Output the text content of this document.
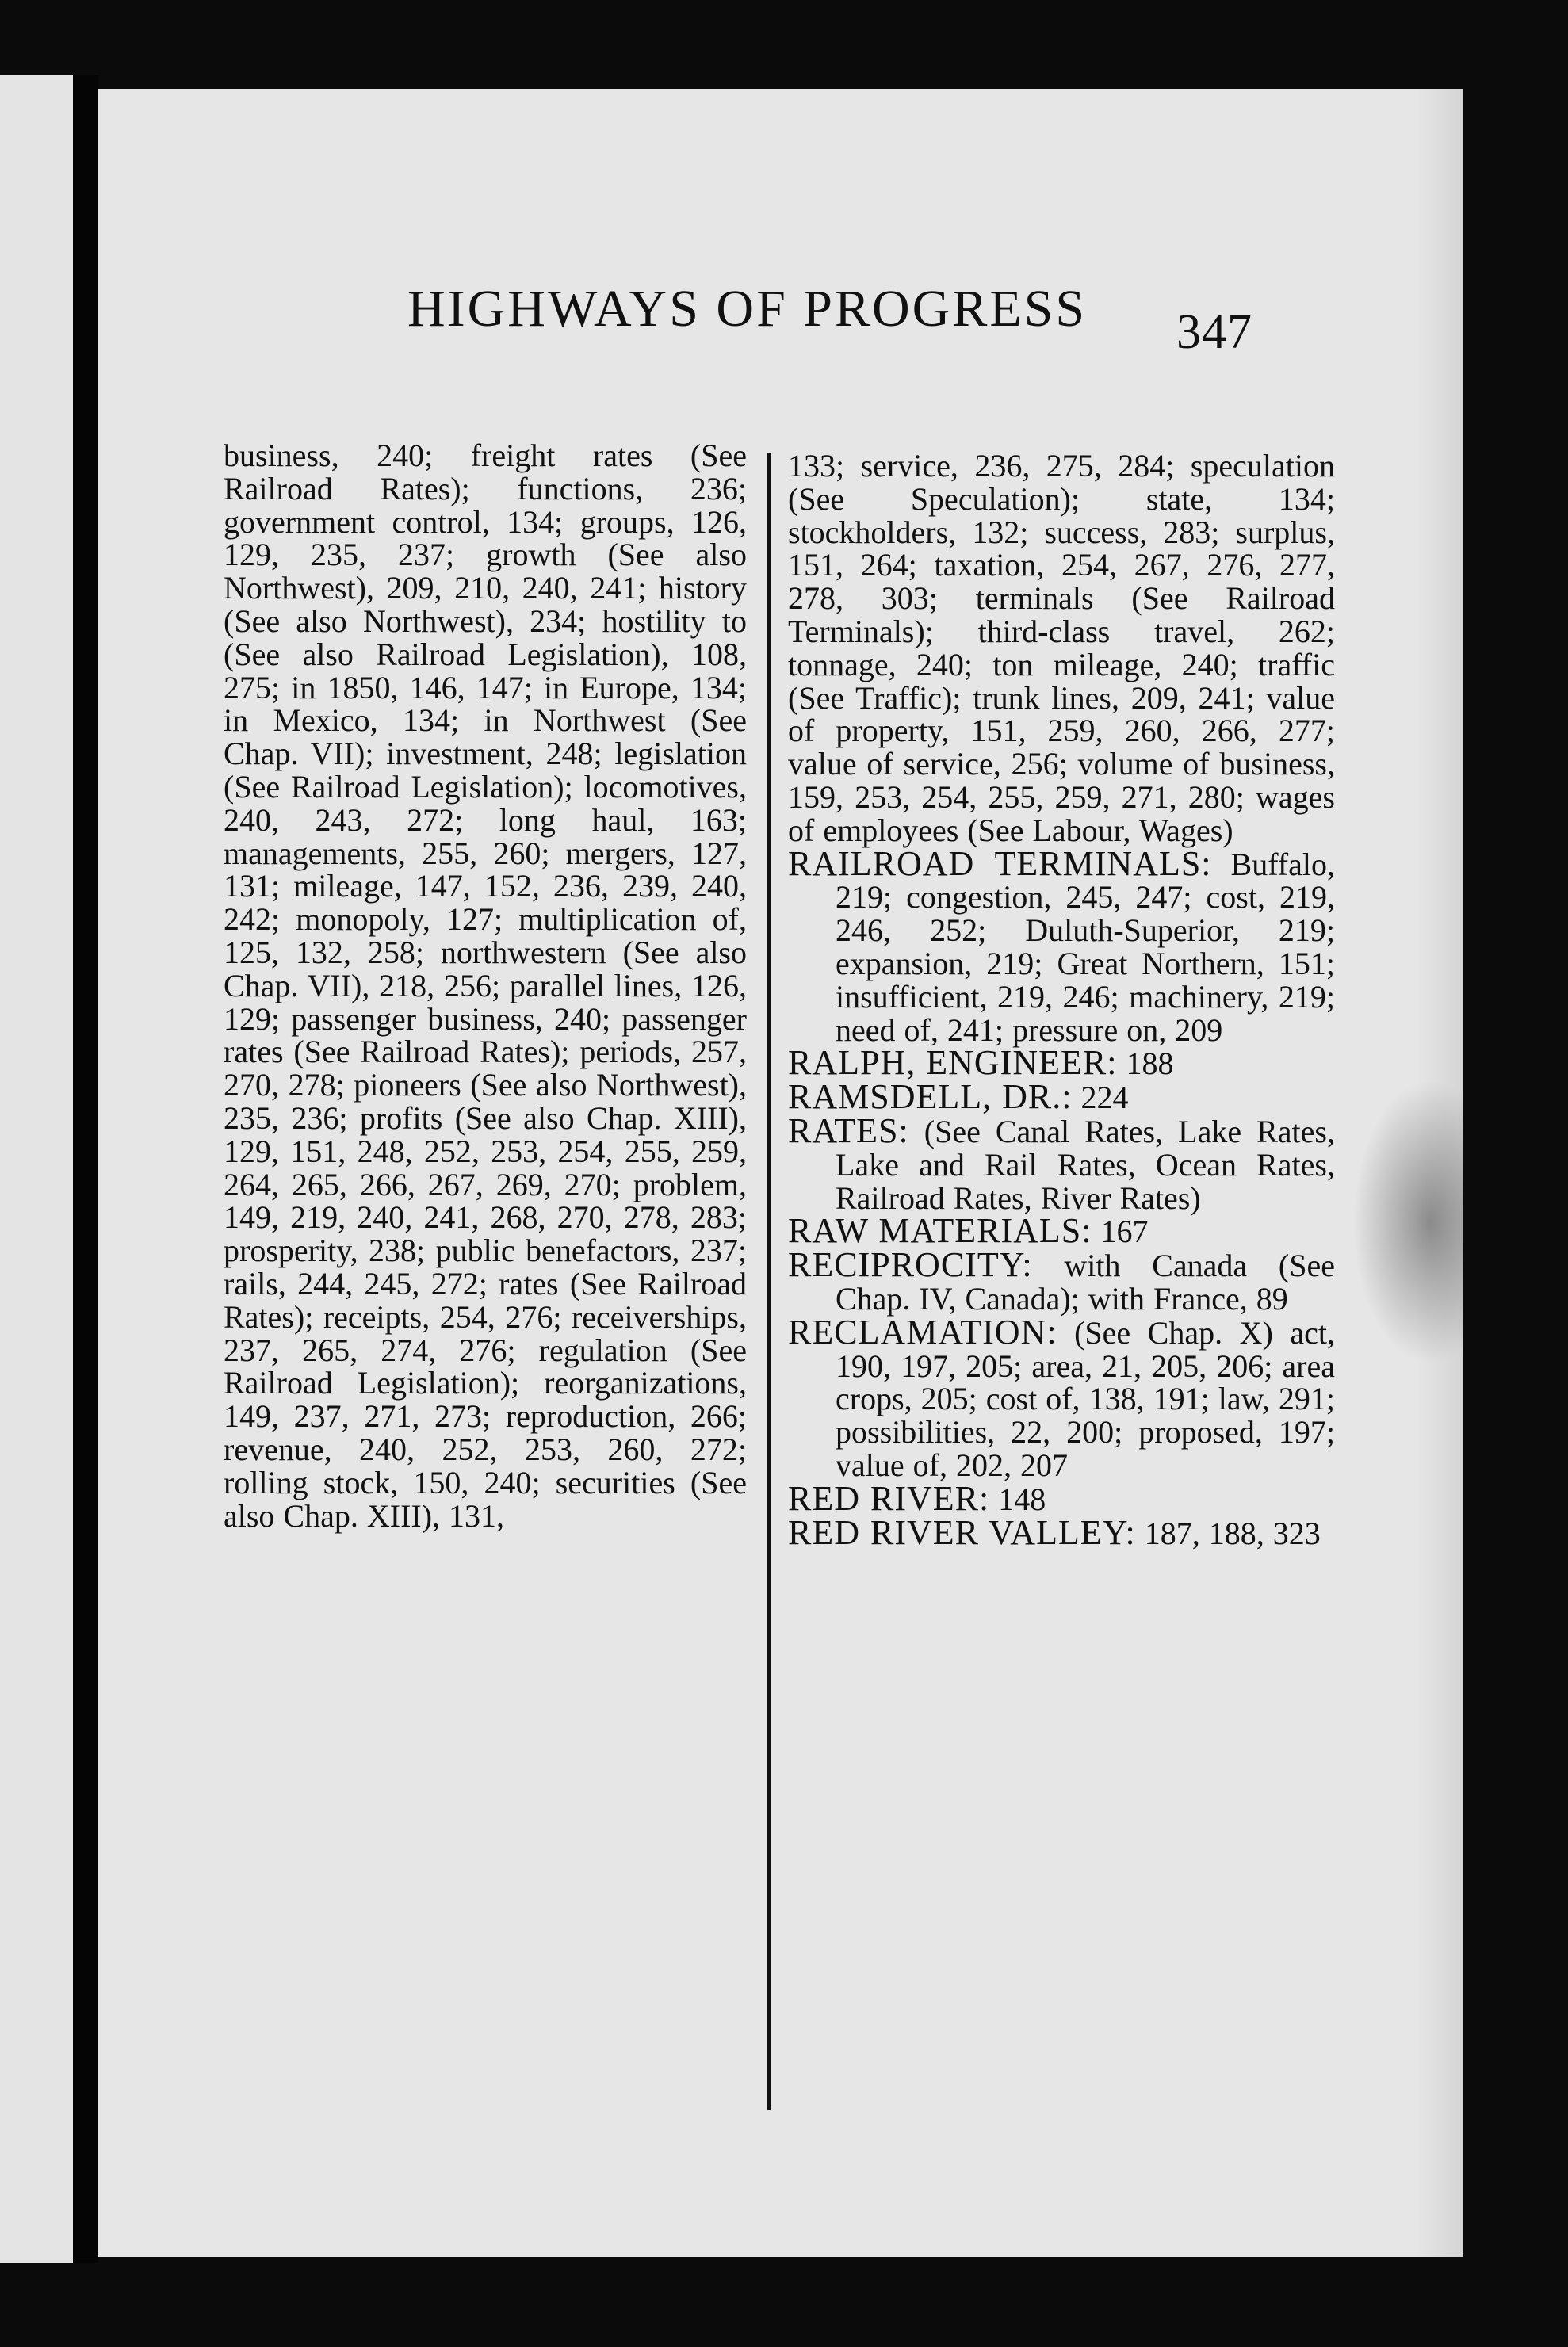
HIGHWAYS OF PROGRESS	347

business, 240; freight rates (See Railroad Rates); functions, 236; government control, 134; groups, 126, 129, 235, 237; growth (See also Northwest), 209, 210, 240, 241; history (See also Northwest), 234; hostility to (See also Railroad Legislation), 108, 275; in 1850, 146, 147; in Europe, 134; in Mexico, 134; in Northwest (See Chap. VII); investment, 248; legislation (See Railroad Legislation); locomotives, 240, 243, 272; long haul, 163; managements, 255, 260; mergers, 127, 131; mileage, 147, 152, 236, 239, 240, 242; monopoly, 127; multiplication of, 125, 132, 258; northwestern (See also Chap. VII), 218, 256; parallel lines, 126, 129; passenger business, 240; passenger rates (See Railroad Rates); periods, 257, 270, 278; pioneers (See also Northwest), 235, 236; profits (See also Chap. XIII), 129, 151, 248, 252, 253, 254, 255, 259, 264, 265, 266, 267, 269, 270; problem, 149, 219, 240, 241, 268, 270, 278, 283; prosperity, 238; public benefactors, 237; rails, 244, 245, 272; rates (See Railroad Rates); receipts, 254, 276; receiverships, 237, 265, 274, 276; regulation (See Railroad Legislation); reorganizations, 149, 237, 271, 273; reproduction, 266; revenue, 240, 252, 253, 260, 272; rolling stock, 150, 240; securities (See also Chap. XIII), 131,

133; service, 236, 275, 284; speculation (See Speculation); state, 134; stockholders, 132; success, 283; surplus, 151, 264; taxation, 254, 267, 276, 277, 278, 303; terminals (See Railroad Terminals); third-class travel, 262; tonnage, 240; ton mileage, 240; traffic (See Traffic); trunk lines, 209, 241; value of property, 151, 259, 260, 266, 277; value of service, 256; volume of business, 159, 253, 254, 255, 259, 271, 280; wages of employees (See Labour, Wages)

RAILROAD TERMINALS: Buffalo, 219; congestion, 245, 247; cost, 219, 246, 252; Duluth-Superior, 219; expansion, 219; Great Northern, 151; insufficient, 219, 246; machinery, 219; need of, 241; pressure on, 209

RALPH, ENGINEER: 188

RAMSDELL, DR.: 224

RATES: (See Canal Rates, Lake Rates, Lake and Rail Rates, Ocean Rates, Railroad Rates, River Rates)

RAW MATERIALS: 167

RECIPROCITY: with Canada (See Chap. IV, Canada); with France, 89

RECLAMATION: (See Chap. X) act, 190, 197, 205; area, 21, 205, 206; area crops, 205; cost of, 138, 191; law, 291; possibilities, 22, 200; proposed, 197; value of, 202, 207

RED RIVER: 148

RED RIVER VALLEY: 187, 188, 323
